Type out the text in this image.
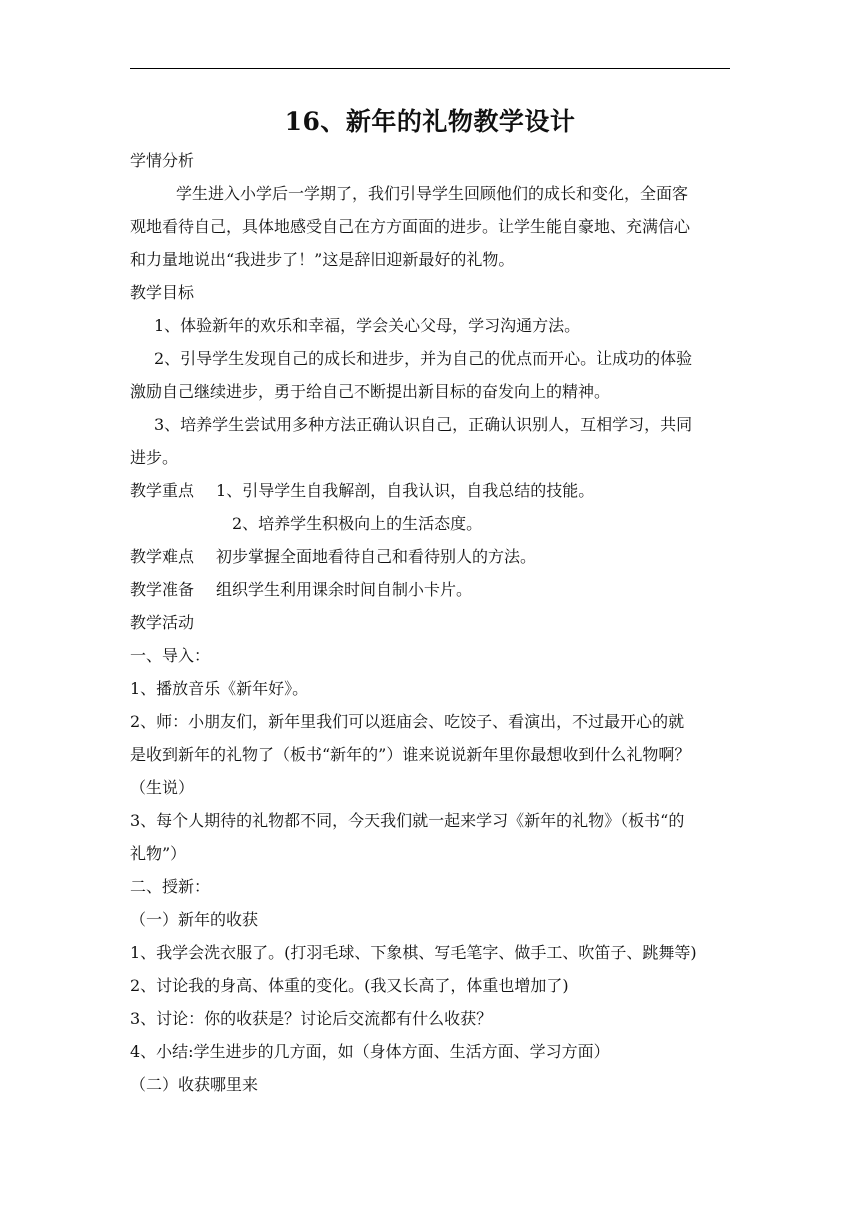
16、新年的礼物教学设计
学情分析
学生进入小学后一学期了，我们引导学生回顾他们的成长和变化，全面客
观地看待自己，具体地感受自己在方方面面的进步。让学生能自豪地、充满信心
和力量地说出“我进步了！”这是辞旧迎新最好的礼物。
教学目标
1、体验新年的欢乐和幸福，学会关心父母，学习沟通方法。
2、引导学生发现自己的成长和进步，并为自己的优点而开心。让成功的体验
激励自己继续进步，勇于给自己不断提出新目标的奋发向上的精神。
3、培养学生尝试用多种方法正确认识自己，正确认识别人，互相学习，共同
进步。
教学重点 1、引导学生自我解剖，自我认识，自我总结的技能。
2、培养学生积极向上的生活态度。
教学难点 初步掌握全面地看待自己和看待别人的方法。
教学准备 组织学生利用课余时间自制小卡片。
教学活动
一、导入：
1、播放音乐《新年好》。
2、师：小朋友们，新年里我们可以逛庙会、吃饺子、看演出，不过最开心的就
是收到新年的礼物了（板书“新年的”）谁来说说新年里你最想收到什么礼物啊？
（生说）
3、每个人期待的礼物都不同，今天我们就一起来学习《新年的礼物》（板书“的
礼物”）
二、授新：
（一）新年的收获
1、我学会洗衣服了。(打羽毛球、下象棋、写毛笔字、做手工、吹笛子、跳舞等)
2、讨论我的身高、体重的变化。(我又长高了，体重也增加了)
3、讨论：你的收获是？讨论后交流都有什么收获？
4、小结:学生进步的几方面，如（身体方面、生活方面、学习方面）
（二）收获哪里来
